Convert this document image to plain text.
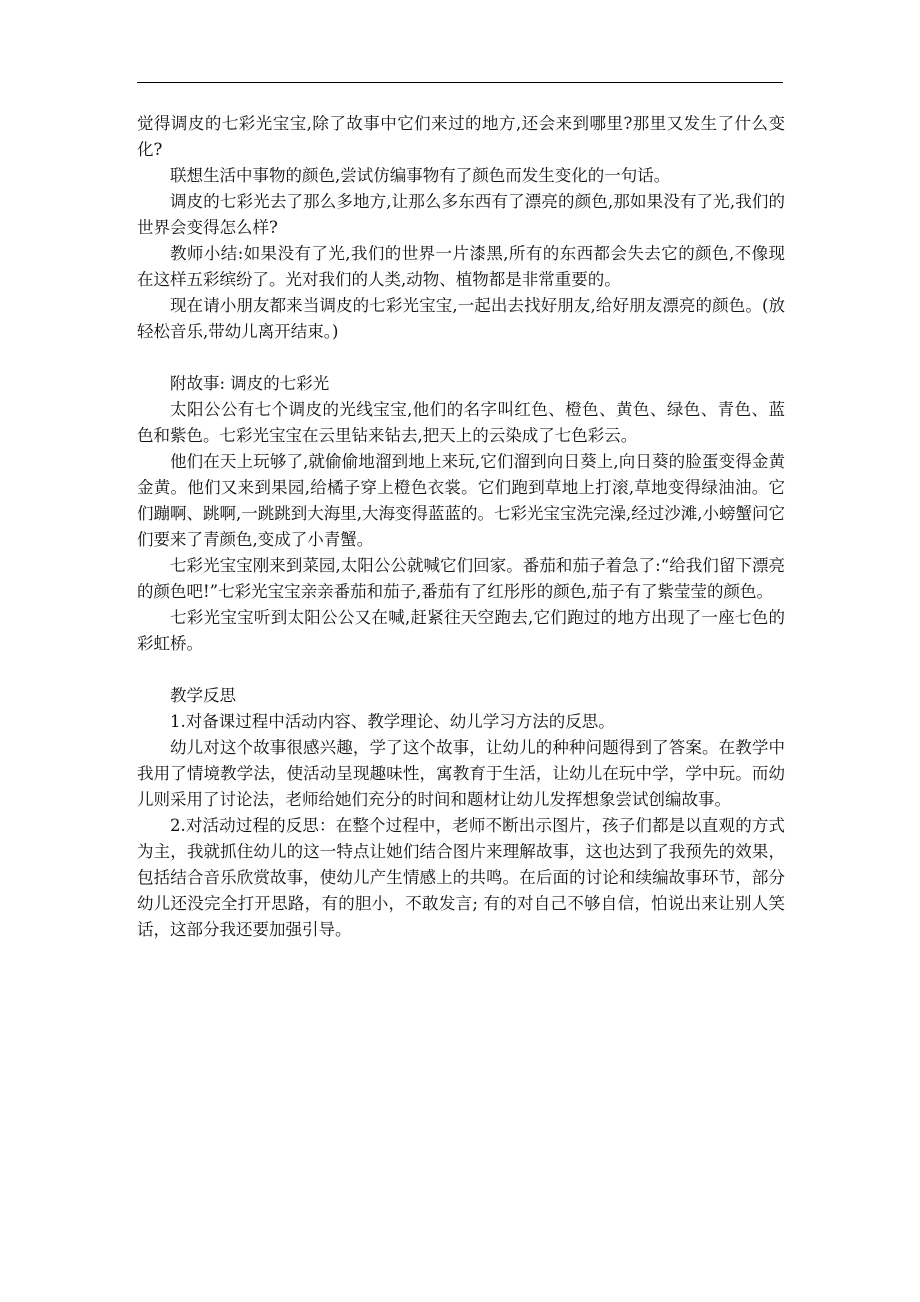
觉得调皮的七彩光宝宝,除了故事中它们来过的地方,还会来到哪里?那里又发生了什么变化?

联想生活中事物的颜色,尝试仿编事物有了颜色而发生变化的一句话。

调皮的七彩光去了那么多地方,让那么多东西有了漂亮的颜色,那如果没有了光,我们的世界会变得怎么样?

教师小结:如果没有了光,我们的世界一片漆黑,所有的东西都会失去它的颜色,不像现在这样五彩缤纷了。光对我们的人类,动物、植物都是非常重要的。

现在请小朋友都来当调皮的七彩光宝宝,一起出去找好朋友,给好朋友漂亮的颜色。(放轻松音乐,带幼儿离开结束。)

附故事: 调皮的七彩光

太阳公公有七个调皮的光线宝宝,他们的名字叫红色、橙色、黄色、绿色、青色、蓝色和紫色。七彩光宝宝在云里钻来钻去,把天上的云染成了七色彩云。

他们在天上玩够了,就偷偷地溜到地上来玩,它们溜到向日葵上,向日葵的脸蛋变得金黄金黄。他们又来到果园,给橘子穿上橙色衣裳。它们跑到草地上打滚,草地变得绿油油。它们蹦啊、跳啊,一跳跳到大海里,大海变得蓝蓝的。七彩光宝宝洗完澡,经过沙滩,小螃蟹问它们要来了青颜色,变成了小青蟹。

七彩光宝宝刚来到菜园,太阳公公就喊它们回家。番茄和茄子着急了:“给我们留下漂亮的颜色吧!”七彩光宝宝亲亲番茄和茄子,番茄有了红彤彤的颜色,茄子有了紫莹莹的颜色。

七彩光宝宝听到太阳公公又在喊,赶紧往天空跑去,它们跑过的地方出现了一座七色的彩虹桥。

教学反思

1.对备课过程中活动内容、教学理论、幼儿学习方法的反思。

幼儿对这个故事很感兴趣，学了这个故事，让幼儿的种种问题得到了答案。在教学中我用了情境教学法，使活动呈现趣味性，寓教育于生活，让幼儿在玩中学，学中玩。而幼儿则采用了讨论法，老师给她们充分的时间和题材让幼儿发挥想象尝试创编故事。

2.对活动过程的反思：在整个过程中，老师不断出示图片，孩子们都是以直观的方式为主，我就抓住幼儿的这一特点让她们结合图片来理解故事，这也达到了我预先的效果，包括结合音乐欣赏故事，使幼儿产生情感上的共鸣。在后面的讨论和续编故事环节，部分幼儿还没完全打开思路，有的胆小，不敢发言; 有的对自己不够自信，怕说出来让别人笑话，这部分我还要加强引导。
